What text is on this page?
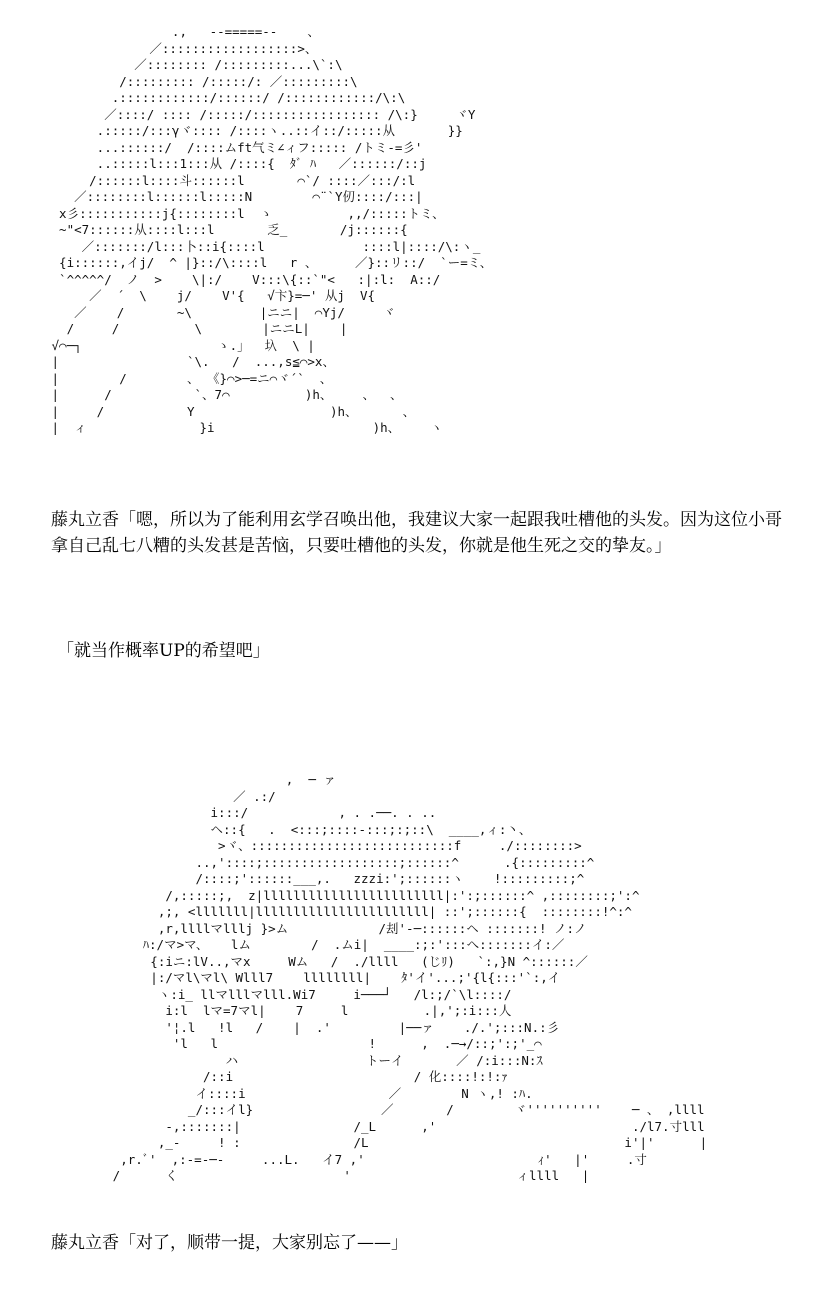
.,   --=====--    、
／::::::::::::::::::>、
／:::::::: /:::::::::...\`:\
/::::::::: /:::::/: ／:::::::::\
.::::::::::::/::::::/ /::::::::::::/\:\
／::::/ :::: /:::::/::::::::::::::::: /\:}     ヾY
.:::::/:::γヾ:::: /::::ヽ..::イ::/:::::从       }}
...::::::/  /::::ムft气ミ∠ィフ::::: /トミ-=彡'
..:::::l:::1:::从 /::::{  ﾀﾞ ﾊ   ／::::::/::j
/::::::l::::斗::::::l       ⌒`/ ::::／:::/:l
／::::::::l::::::l:::::N        ⌒¨`Y仞::::/:::|
x彡:::::::::::j{::::::::l  ゝ          ,,/:::::トミ、
~"<7::::::从::::l:::l       乏_       /j::::::{
／:::::::/l:::卜::i{::::l             ::::l|::::/\:ヽ_
{i::::::,イj/  ^ |}::/\::::l   r 、     ／}::リ::/  `ー=ミ、
`^^^^^/  ノ  >    \|:/    V:::\{::`"<   :|:l:  A::/
／  ´  \    j/    V'{   √卞}=─' 从j  V{
／    /       ~\         |ニニ|  ⌒Yj/     ヾ
/     /          \        |ニニL|    |
√⌒─┐                  ゝ.」  圦  \ |
|                 `\.   /  ...,s≦⌒>x、
|        /        、 《}⌒>─=ニ⌒ヾ´`  、
|      /           `、7⌒          )h、    、  、
|     /           Y                  )h、      、
|  ィ               }i                     )h、    ヽ
,  ─ ァ
／ .:/
i:::/            , . .──. . ..
ヘ::{   .  <:::;::::-:::;:;::\  ____,ィ:丶、
>ヾ、:::::::::::::::::::::::::::f     ./::::::::>
..,'::::;::::::::::::::::::;::::::^      .{:::::::::^
/::::;'::::::___,.   zzzi:';::::::ヽ    !:::::::::;^
/,:::::;,  z|llllllllllllllllllllllll|:':;::::::^ ,::::::::;':^
,;, <lllllll|lllllllllllllllllllllll| ::';::::::{  ::::::::!^:^
,r,llllマlllj }>ム            /刦'-─::::::ヘ :::::::! ノ:ノ
ﾊ:/マ>マ、   lム        /  .ムi|  ____:;:':::へ:::::::イ:／
{:iニ:lV..,マx     Wム   /  ./llll   (じﾘ)   `:,}N ^::::::／
|:/マl\マl\ Wlll7    llllllll|    ﾀ'イ'...;'{l{:::'`:,イ
ヽ:i_ llマlllマlll.Wi7     i───┘   /l:;/`\l::::/
i:l  lマ=7マl|    7     l          .|,';:i:::人
'¦.l   !l   /    |  .'         |──ァ    ./.';:::N.:彡
'l   l                    !      ,  .─→/::;':;'_⌒
ハ                 トーイ       ／ /:i:::N:ｽ
/::i                        / 化::::!:!:ｧ
イ::::i                   ／        N ヽ,! :ﾊ.
_/:::イl}                 ／       /        ヾ''''''''''    ─ 、 ,llll
-,:::::::|               /_L      ,'                          ./l7.寸lll
,_-     ! :               /L                                  i'|'      |
,r.ﾞ'  ,:-=-─-     ...L.   イ7 ,'                       ｨ'   |'     .寸
/      く                      '                      ィllll   |

藤丸立香「嗯，所以为了能利用玄学召唤出他，我建议大家一起跟我吐槽他的头发。因为这位小哥拿自己乱七八糟的头发甚是苦恼，只要吐槽他的头发，你就是他生死之交的挚友。」

「就当作概率UP的希望吧」

藤丸立香「对了，顺带一提，大家别忘了——」
